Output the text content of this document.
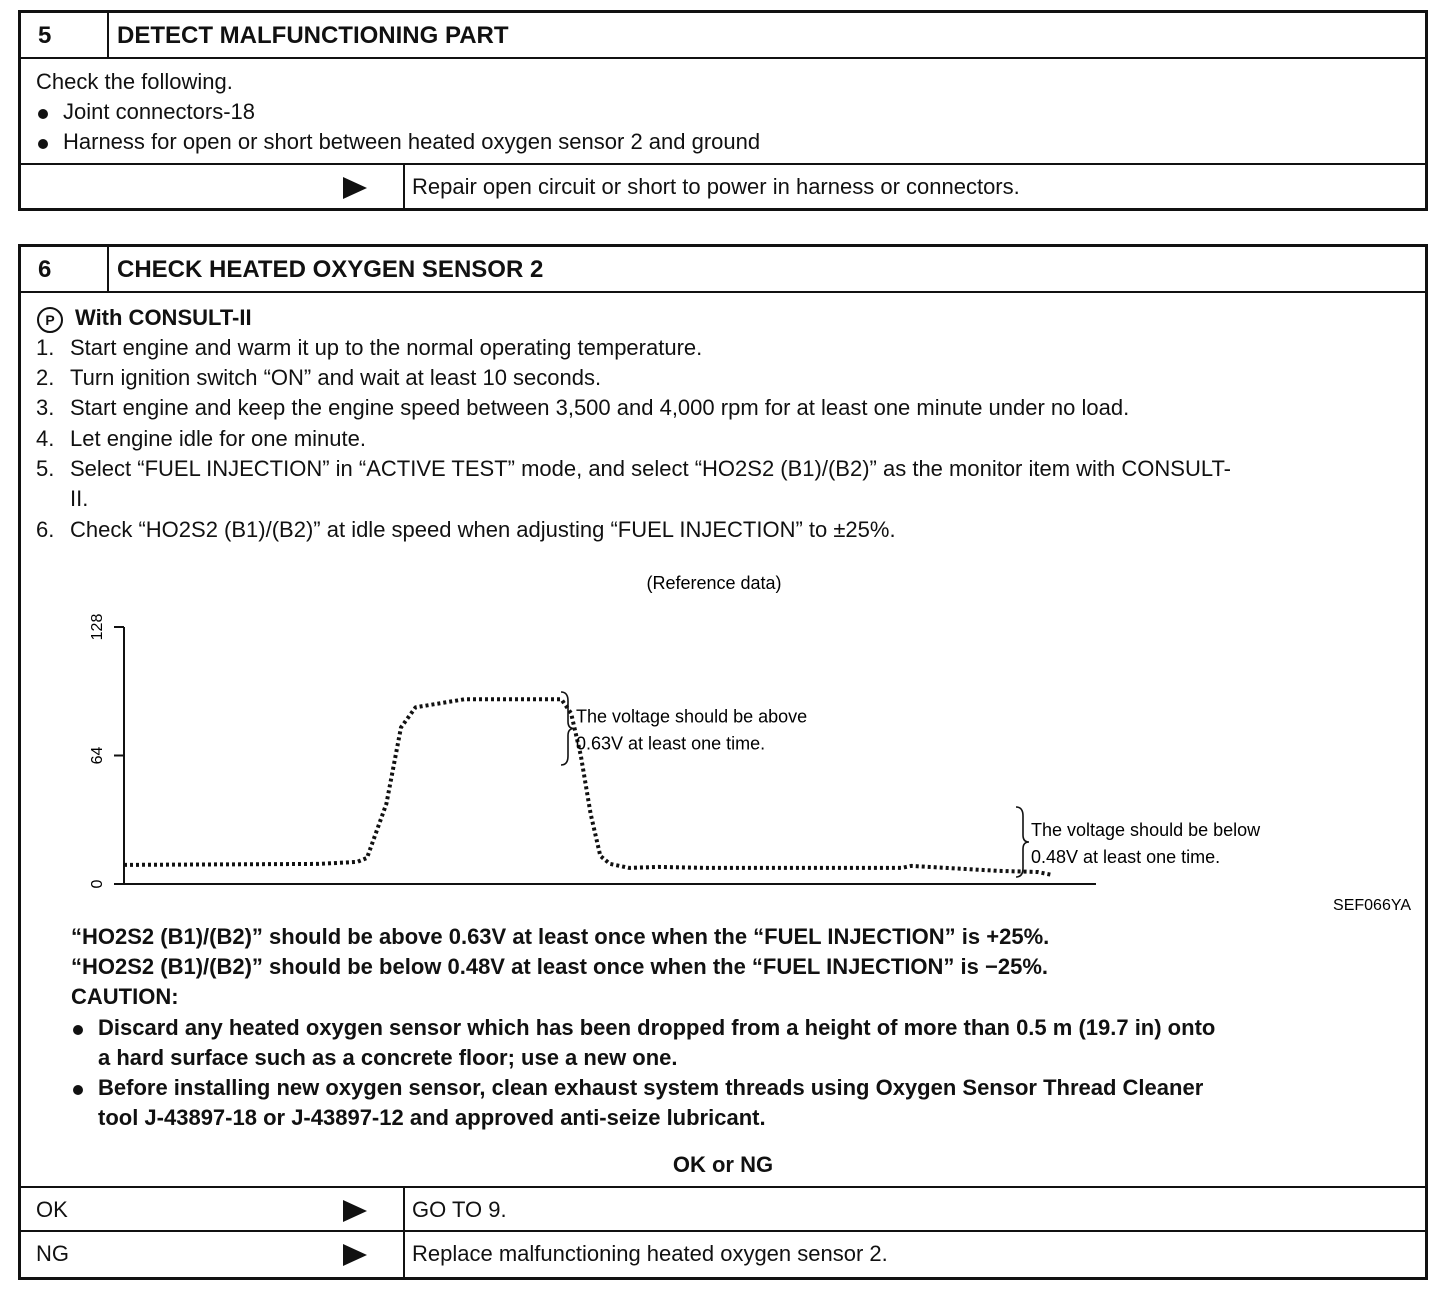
5	DETECT MALFUNCTIONING PART
Check the following.
Joint connectors-18
Harness for open or short between heated oxygen sensor 2 and ground
Repair open circuit or short to power in harness or connectors.
6	CHECK HEATED OXYGEN SENSOR 2
P With CONSULT-II
1. Start engine and warm it up to the normal operating temperature.
2. Turn ignition switch “ON” and wait at least 10 seconds.
3. Start engine and keep the engine speed between 3,500 and 4,000 rpm for at least one minute under no load.
4. Let engine idle for one minute.
5. Select “FUEL INJECTION” in “ACTIVE TEST” mode, and select “HO2S2 (B1)/(B2)” as the monitor item with CONSULT-
II.
6. Check “HO2S2 (B1)/(B2)” at idle speed when adjusting “FUEL INJECTION” to ±25%.
(Reference data)
0
64
128
The voltage should be above
0.63V at least one time.
The voltage should be below
0.48V at least one time.
SEF066YA
“HO2S2 (B1)/(B2)” should be above 0.63V at least once when the “FUEL INJECTION” is +25%.
“HO2S2 (B1)/(B2)” should be below 0.48V at least once when the “FUEL INJECTION” is −25%.
CAUTION:
Discard any heated oxygen sensor which has been dropped from a height of more than 0.5 m (19.7 in) onto
a hard surface such as a concrete floor; use a new one.
Before installing new oxygen sensor, clean exhaust system threads using Oxygen Sensor Thread Cleaner
tool J-43897-18 or J-43897-12 and approved anti-seize lubricant.
OK or NG
OK	GO TO 9.
NG	Replace malfunctioning heated oxygen sensor 2.
